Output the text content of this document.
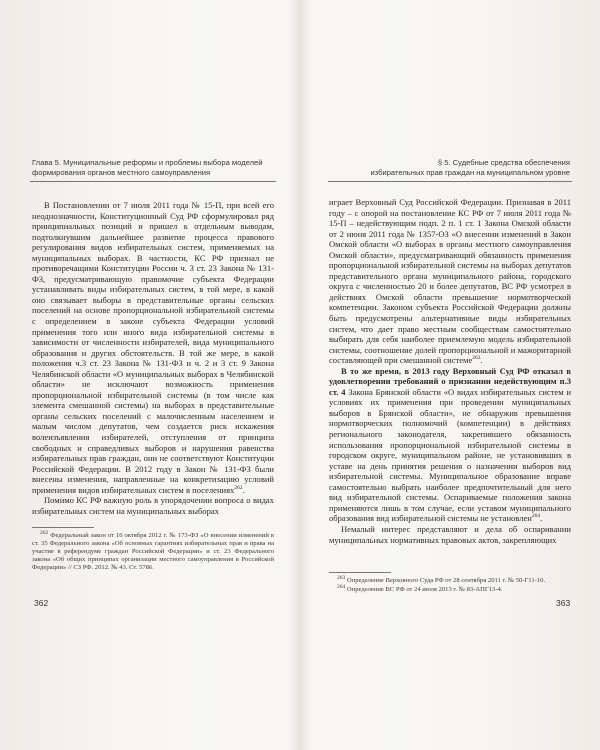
Глава 5. Муниципальные реформы и проблемы выбора моделей
формирования органов местного самоуправления

В Постановлении от 7 июля 2011 года № 15-П, при всей его неоднозначности, Конституционный Суд РФ сформулировал ряд принципиальных позиций и пришел к отдельным выводам, подтолкнувшим дальнейшее развитие процесса правового регулирования видов избирательных систем, применяемых на муниципальных выборах. В частности, КС РФ признал не противоречащими Конституции России ч. 3 ст. 23 Закона № 131-ФЗ, предусматривающую правомочие субъекта Федерации устанавливать виды избирательных систем, в той мере, в какой оно связывает выборы в представительные органы сельских поселений на основе пропорциональной избирательной системы с определением в законе субъекта Федерации условий применения того или иного вида избирательной системы в зависимости от численности избирателей, вида муниципального образования и других обстоятельств. В той же мере, в какой положения ч.3 ст. 23 Закона № 131-ФЗ и ч. 2 и 3 ст. 9 Закона Челябинской области «О муниципальных выборах в Челябинской области» не исключают возможность применения пропорциональной избирательной системы (в том числе как элемента смешанной системы) на выборах в представительные органы сельских поселений с малочисленным населением и малым числом депутатов, чем создается риск искажения волеизъявления избирателей, отступления от принципа свободных и справедливых выборов и нарушения равенства избирательных прав граждан, они не соответствуют Конституции Российской Федерации. В 2012 году в Закон № 131-ФЗ были внесены изменения, направленные на конкретизацию условий применения видов избирательных систем в поселениях$^{262}$.

Помимо КС РФ важную роль в упорядочении вопроса о видах избирательных систем на муниципальных выборах

$^{262}$ Федеральный закон от 16 октября 2012 г. № 173-ФЗ «О внесении изменений в ст. 35 Федерального закона «Об основных гарантиях избирательных прав и права на участие в референдуме граждан Российской Федерации» и ст. 23 Федерального закона «Об общих принципах организации местного самоуправления в Российской Федерации» // СЗ РФ. 2012. № 43. Ст. 5786.

362
§ 5. Судебные средства обеспечения
избирательных прав граждан на муниципальном уровне

играет Верховный Суд Российской Федерации. Признавая в 2011 году – с опорой на постановление КС РФ от 7 июля 2011 года № 15-П – недействующим подп. 2 п. 1 ст. 1 Закона Омской области от 2 июня 2011 года № 1357-ОЗ «О внесении изменений в Закон Омской области «О выборах в органы местного самоуправления Омской области», предусматривающий обязанность применения пропорциональной избирательной системы на выборах депутатов представительного органа муниципального района, городского округа с численностью 20 и более депутатов, ВС РФ усмотрел в действиях Омской области превышение нормотворческой компетенции. Законом субъекта Российской Федерации должны быть предусмотрены альтернативные виды избирательных систем, что дает право местным сообществам самостоятельно выбирать для себя наиболее приемлемую модель избирательной системы, соотношение долей пропорциональной и мажоритарной составляющей при смешанной системе$^{263}$.

В то же время, в 2013 году Верховный Суд РФ отказал в удовлетворении требований о признании недействующим п.3 ст. 4 Закона Брянской области «О видах избирательных систем и условиях их применения при проведении муниципальных выборов в Брянской области», не обнаружив превышения нормотворческих полномочий (компетенции) в действиях регионального законодателя, закрепившего обязанность использования пропорциональной избирательной системы в городском округе, муниципальном районе, не установивших в уставе на день принятия решения о назначении выборов вид избирательной системы. Муниципальное образование вправе самостоятельно выбрать наиболее предпочтительный для него вид избирательной системы. Оспариваемые положения закона применяются лишь в том случае, если уставом муниципального образования вид избирательной системы не установлен$^{264}$.

Немалый интерес представляют и дела об оспаривании муниципальных нормативных правовых актов, закрепляющих

$^{263}$ Определение Верховного Суда РФ от 28 сентября 2011 г. № 50-Г11-10.

$^{264}$ Определение ВС РФ от 24 июля 2013 г. № 83-АПГ13-4.

363
